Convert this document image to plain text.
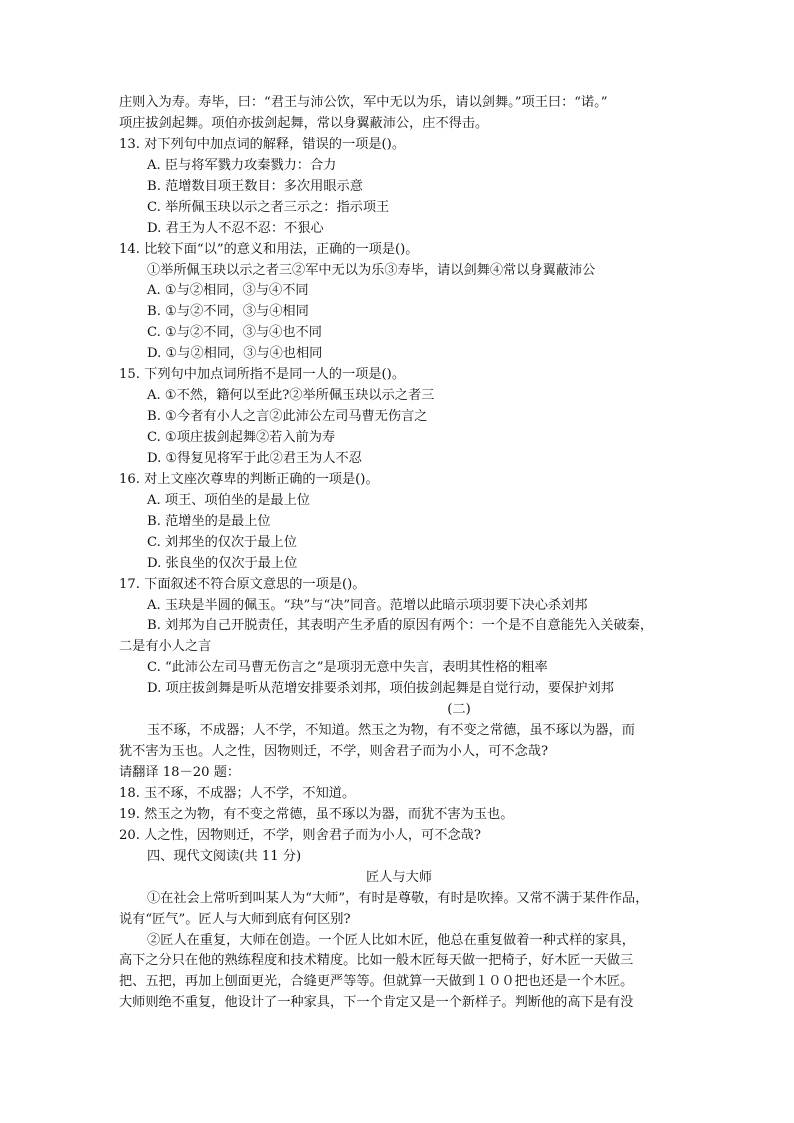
庄则入为寿。寿毕，曰：“君王与沛公饮，军中无以为乐，请以剑舞。”项王曰：“诺。”
项庄拔剑起舞。项伯亦拔剑起舞，常以身翼蔽沛公，庄不得击。
13. 对下列句中加点词的解释，错误的一项是()。
A. 臣与将军戮力攻秦戮力：合力
B. 范增数目项王数目：多次用眼示意
C. 举所佩玉玦以示之者三示之：指示项王
D. 君王为人不忍不忍：不狠心
14. 比较下面“以”的意义和用法，正确的一项是()。
①举所佩玉玦以示之者三②军中无以为乐③寿毕，请以剑舞④常以身翼蔽沛公
A. ①与②相同，③与④不同
B. ①与②不同，③与④相同
C. ①与②不同，③与④也不同
D. ①与②相同，③与④也相同
15. 下列句中加点词所指不是同一人的一项是()。
A. ①不然，籍何以至此?②举所佩玉玦以示之者三
B. ①今者有小人之言②此沛公左司马曹无伤言之
C. ①项庄拔剑起舞②若入前为寿
D. ①得复见将军于此②君王为人不忍
16. 对上文座次尊卑的判断正确的一项是()。
A. 项王、项伯坐的是最上位
B. 范增坐的是最上位
C. 刘邦坐的仅次于最上位
D. 张良坐的仅次于最上位
17. 下面叙述不符合原文意思的一项是()。
A. 玉玦是半圆的佩玉。“玦”与“决”同音。范增以此暗示项羽要下决心杀刘邦
B. 刘邦为自己开脱责任，其表明产生矛盾的原因有两个：一个是不自意能先入关破秦，
二是有小人之言
C. “此沛公左司马曹无伤言之”是项羽无意中失言，表明其性格的粗率
D. 项庄拔剑舞是听从范增安排要杀刘邦，项伯拔剑起舞是自觉行动，要保护刘邦
(二)
玉不琢，不成器；人不学，不知道。然玉之为物，有不变之常德，虽不琢以为器，而
犹不害为玉也。人之性，因物则迁，不学，则舍君子而为小人，可不念哉?
请翻译 18－20 题：
18. 玉不琢，不成器；人不学，不知道。
19. 然玉之为物，有不变之常德，虽不琢以为器，而犹不害为玉也。
20. 人之性，因物则迁，不学，则舍君子而为小人，可不念哉?
四、现代文阅读(共 11 分)
匠人与大师
①在社会上常听到叫某人为“大师”，有时是尊敬，有时是吹捧。又常不满于某件作品，
说有“匠气”。匠人与大师到底有何区别?
②匠人在重复，大师在创造。一个匠人比如木匠，他总在重复做着一种式样的家具，
高下之分只在他的熟练程度和技术精度。比如一般木匠每天做一把椅子，好木匠一天做三
把、五把，再加上刨面更光，合缝更严等等。但就算一天做到１００把也还是一个木匠。
大师则绝不重复，他设计了一种家具，下一个肯定又是一个新样子。判断他的高下是有没
